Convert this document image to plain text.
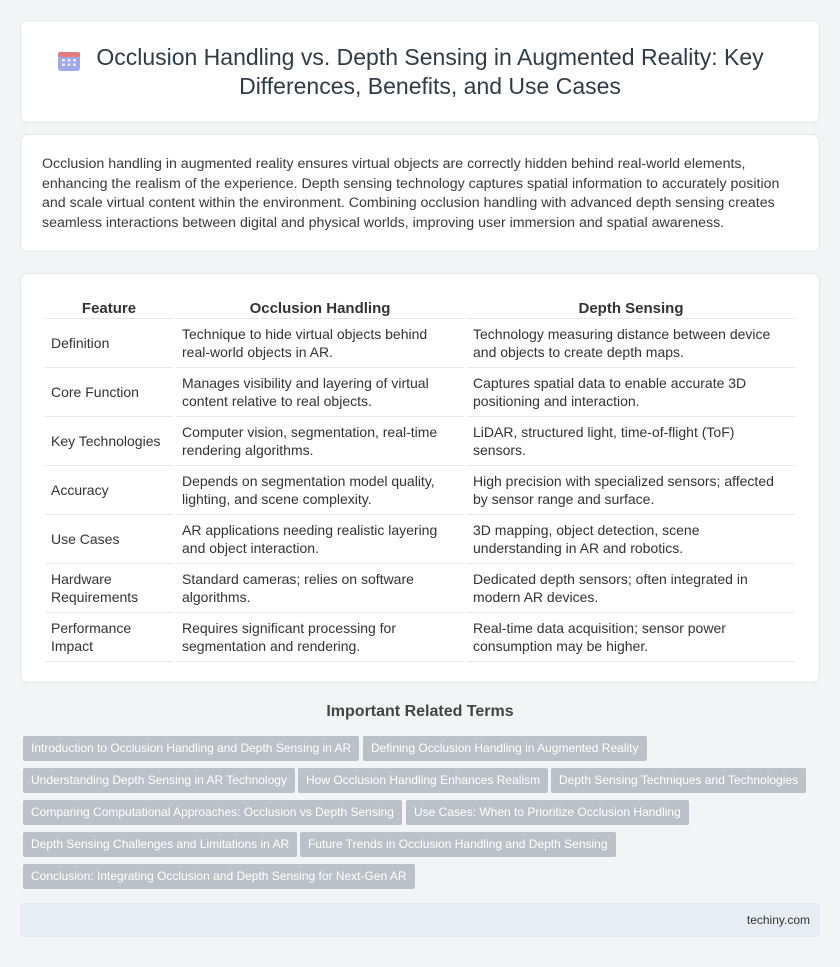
Occlusion Handling vs. Depth Sensing in Augmented Reality: Key Differences, Benefits, and Use Cases

Occlusion handling in augmented reality ensures virtual objects are correctly hidden behind real-world elements, enhancing the realism of the experience. Depth sensing technology captures spatial information to accurately position and scale virtual content within the environment. Combining occlusion handling with advanced depth sensing creates seamless interactions between digital and physical worlds, improving user immersion and spatial awareness.

Feature	Occlusion Handling	Depth Sensing
Definition	Technique to hide virtual objects behind real-world objects in AR.	Technology measuring distance between device and objects to create depth maps.
Core Function	Manages visibility and layering of virtual content relative to real objects.	Captures spatial data to enable accurate 3D positioning and interaction.
Key Technologies	Computer vision, segmentation, real-time rendering algorithms.	LiDAR, structured light, time-of-flight (ToF) sensors.
Accuracy	Depends on segmentation model quality, lighting, and scene complexity.	High precision with specialized sensors; affected by sensor range and surface.
Use Cases	AR applications needing realistic layering and object interaction.	3D mapping, object detection, scene understanding in AR and robotics.
Hardware Requirements	Standard cameras; relies on software algorithms.	Dedicated depth sensors; often integrated in modern AR devices.
Performance Impact	Requires significant processing for segmentation and rendering.	Real-time data acquisition; sensor power consumption may be higher.
Important Related Terms
Introduction to Occlusion Handling and Depth Sensing in AR	Defining Occlusion Handling in Augmented Reality
Understanding Depth Sensing in AR Technology	How Occlusion Handling Enhances Realism	Depth Sensing Techniques and Technologies
Comparing Computational Approaches: Occlusion vs Depth Sensing	Use Cases: When to Prioritize Occlusion Handling
Depth Sensing Challenges and Limitations in AR	Future Trends in Occlusion Handling and Depth Sensing
Conclusion: Integrating Occlusion and Depth Sensing for Next-Gen AR
techiny.com
